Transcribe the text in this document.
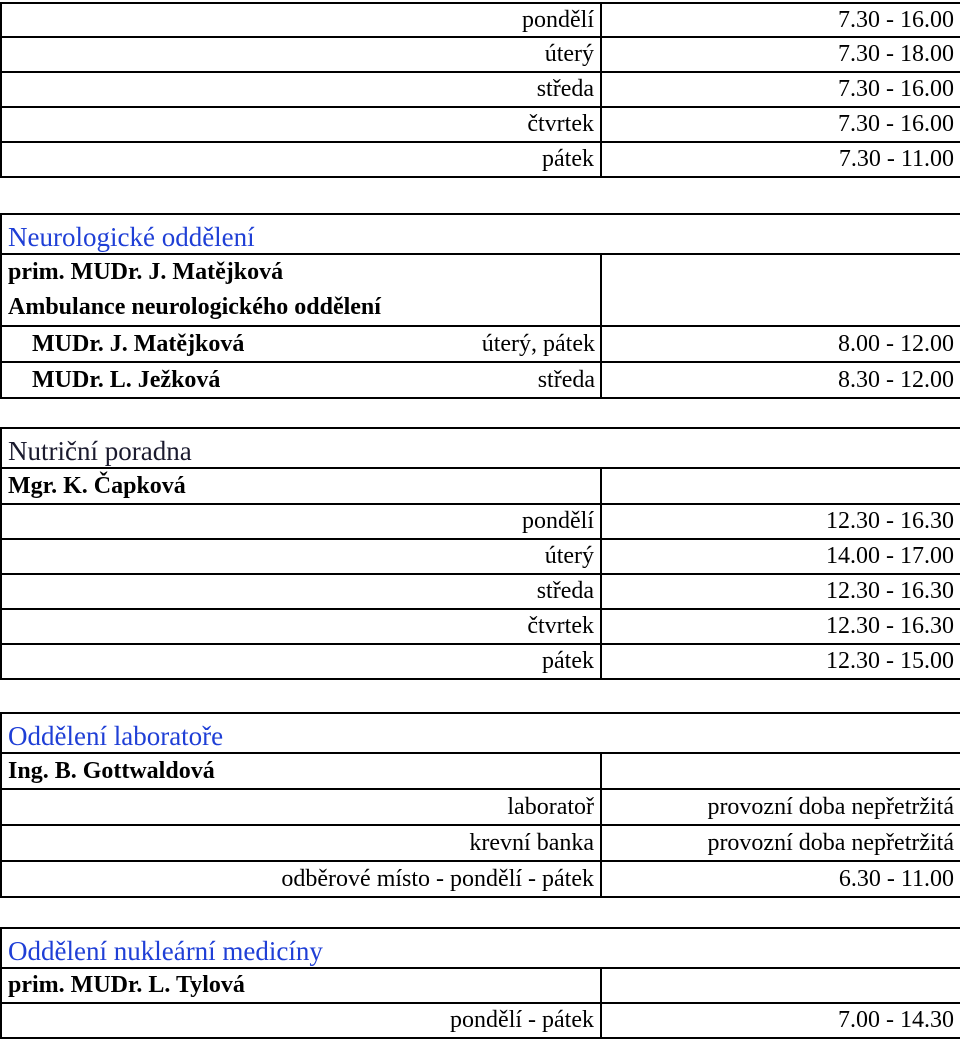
pondělí	7.30 - 16.00
úterý	7.30 - 18.00
středa	7.30 - 16.00
čtvrtek	7.30 - 16.00
pátek	7.30 - 11.00
Neurologické oddělení	
prim. MUDr. J. Matějková	
Ambulance neurologického oddělení	
MUDr. J. Matějková úterý, pátek	8.00 - 12.00
MUDr. L. Ježková středa	8.30 - 12.00
Nutriční poradna	
Mgr. K. Čapková	
pondělí	12.30 - 16.30
úterý	14.00 - 17.00
středa	12.30 - 16.30
čtvrtek	12.30 - 16.30
pátek	12.30 - 15.00
Oddělení laboratoře	
Ing. B. Gottwaldová	
laboratoř	provozní doba nepřetržitá
krevní banka	provozní doba nepřetržitá
odběrové místo - pondělí - pátek	6.30 - 11.00
Oddělení nukleární medicíny	
prim. MUDr. L. Tylová	
pondělí - pátek	7.00 - 14.30
